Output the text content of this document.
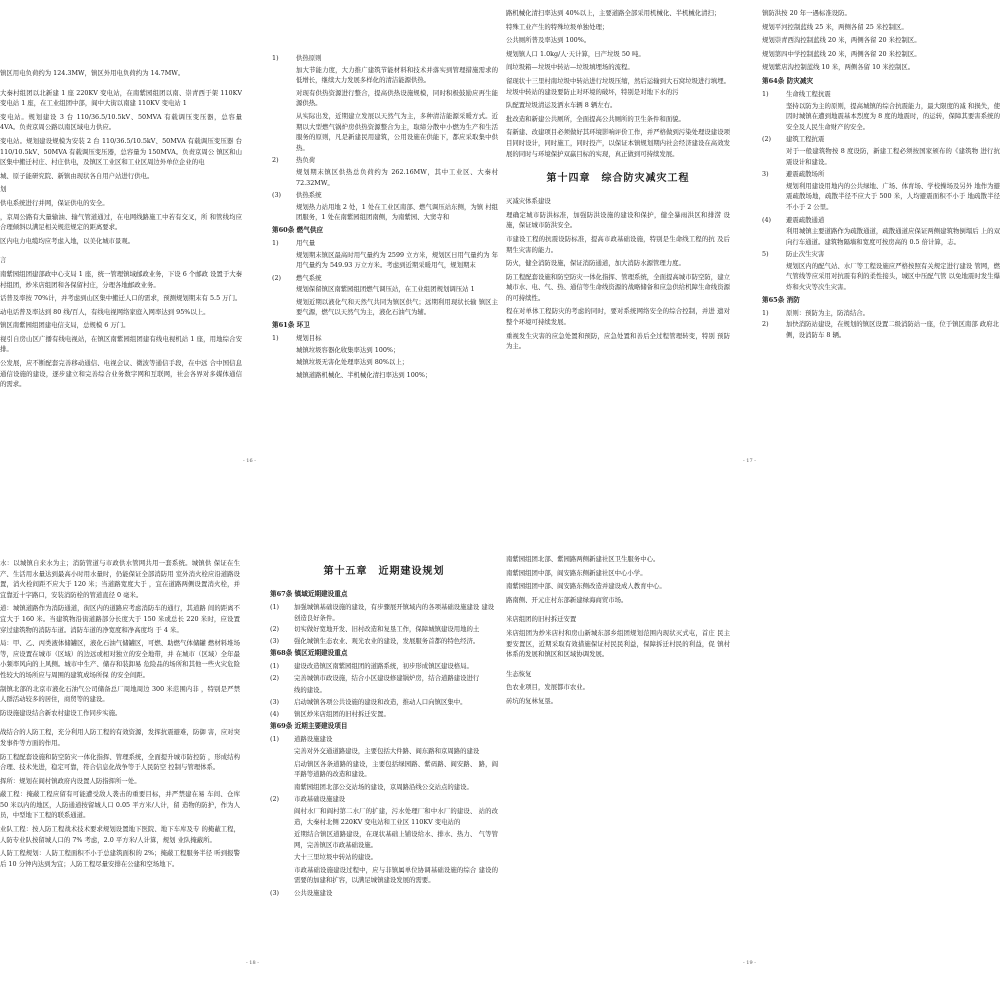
镇区用电负荷约为 124.3MW，镇区外用电负荷约为 14.7MW。
大秦村组团以北新建 1 座 220KV 变电站，在南紫园组团以南、崇青西于架 110KV 变电站 1 座，在工业组团中部，阎中大街以南建 110KV 变电站 1
变电站。规划建设 3 台 110/36.5/10.5kV、50MVA 有载调压变压器，总容量 4VA。负责京周公路以南区域电力供应。
变电站。规划建设规模为安装 2 台 110/36.5/10.5kV、50MVA 有载调压变压器 台 110/10.5kV、50MVA 有载调压变压器，总容量为 150MVA。负责京周公 镇区和山区集中搬迁村庄、村庄供电，及镇区工业区和工业区周边外单位企业的电
城、原子能研究院、新镇由现状各自用户站进行供电。
划
供电系统进行并网，保证供电的安全。
，京周公路有大量输油、输气管道通过，在电网线路施工中若有交叉，所 和管线均应合理倾斜以满足相关规范规定的距离要求。
区内电力电缆均应考虑入地，以美化城市景观。
言
南紫园组团建部政中心支局 1 座，统一管理镇域邮政业务，下设 6 个邮政 设置于大秦村组团，炒米店组团和各保留村庄，分理各地邮政业务。
话普及率按 70%计，并考虑到山区集中搬迁人口的需求，预测规划期末有 5.5 万门。
动电话普及率达到 80 线/百人，有线电视网络家庭入网率达到 95%以上。
镇区南紫园组团建电信支局，总规模 6 万门。
视引自房山区广播有线电视站，在镇区南紫园组团建有线电视机站 1 座，用地综合安排。
公发展，应不断配套完善移动通信、电视会议、微波等通信手段，在中远 合中国信息通信设施的建设，逐步建立和完善综合业务数字网和互联网，社会各界对多媒体通信的需求。
1)	供热原则
加大节能力度，大力推广建筑节能材料和技术并落实到管理措施需求的低增长，继续大力发展多样化的清洁能源供热。
对现有供热资源进行整合，提高供热设施规模，同时积极鼓励应再生能源供热。
从实际出发，近期建立发展以天然气为主，多种清洁能源采暖方式。近期以大型燃气锅炉房供热资源整合为主，取缔分散中小燃为生产和生活服务的原则，凡是新建民用建筑，公用设施在供能下，都应采取集中供热。
2)	热负荷
规划期末镇区供热总负荷约为 262.16MW，其中工业区、大秦村 72.32MW。
(3)	供热系统
规划热力站用地 2 处，1 处在工业区南部、燃气调压站东侧，为镇 村组团服务，1 处在南紫园组团南侧，为南紫园、大窦寺和
第60条 燃气供应
1)	用气量
规划期末镇区最高时用气量约为 2599 立方米，规划区日用气量约为 年用气量约为 549.93 万立方米。考虑到近期采暖用气，规划期末
(2)	燃气系统
规划保留镇区南紫园组团燃气调压站，在工业组团规划调压站 1
规划近期以液化气和天然气共同为镇区供气；远期利用现状长输 镇区主要气源，燃气以天然气为主，液化石油气为辅。
第61条 环卫
1)	规划目标
城镇垃圾容器化收集率达到 100%；
城镇垃圾无害化处理率达到 80%以上；
城镇道路机械化、半机械化清扫率达到 100%；
- 16 -
路机械化清扫率达到 40%以上，主要道路全部采用机械化、半机械化清扫；
特殊工业产生的特殊垃圾单独处理；
公共厕所普及率达到 100%。
规划镇人口 1.0kg/人·天计算，日产垃圾 50 吨。
间垃圾箱—垃圾中转站—垃圾填埋场的流程。
留现状十三里村南垃圾中转站进行垃圾压缩，然后运输到大石窝垃圾进行填埋。垃圾中转站的建设要防止对环境的破坏，特别是对地下水的污
队配置垃圾清运及洒水车辆 8 辆左右。
批改造和新建公共厕所，全面提高公共厕所的卫生条件和面貌。
有新建、改建项目必须做好其环境影响评价工作，并严格做到污染处理设建设项目同时设计，同时施工，同时投产，以保证本镇规划期内社会经济建设在高效发展的同时与环境保护双赢目标的实现，真正做到可持续发展。
第十四章　综合防灾减灾工程
灭减灾体系建设
理确定城市防洪标准，加强防洪设施的建设和保护，健全暴雨洪区和排涝 设施，保证城市防洪安全。
市建设工程的抗震设防标准，提高市政基础设施，特别是生命线工程的抗 及后期生灾害的能力。
防火，健全消防设施，保证消防通道，加大消防水源管理力度。
防工程配套设施和防空防灾一体化指挥、管理系统，全面提高城市防空防，建立城市水、电、气、热、通信等生命线资源的战略储备和应急供给机障生命线资源的可持续性。
程在对单体工程防灾的考虑的同时，要对系统网络安全的综合控制，并进 遗对整个环境可持续发展。
重视发生灾害的应急处置和预防，应急处置和善后全过程管理转变，特别 预防为主。
镇防洪按 20 年一遇标准设防。
规划平河控制蓝线 25 米，两侧各留 25 米控制区。
规划崇青西沟控制蓝线 20 米，两侧各留 20 米控制区。
规划第四中学控制蓝线 20 米，两侧各留 20 米控制区。
规划紫店沟控制蓝线 10 米，两侧各留 10 米控制区。
第64条 防灾减灾
1)	生命线工程抗震
坚持以防为主的原则，提高城镇的综合抗震能力，最大限度的减 和损失，使因时城镇在遭到地震基本烈度为 8 度的地震时，的运转，保障其要害系统的安全及人民生命财产的安全。
(2)	建筑工程抗震
对于一般建筑物按 8 度设防，新建工程必须按国家颁布的《建筑物 进行抗震设计和建设。
3)	避震疏散场所
规划利用建设用地内的公共绿地、广场、体育场、学校操场及另外 地作为避震疏散场地，疏散半径不应大于 500 米，人均避震面积不小于 地疏散半径不小于 2 公里。
(4)	避震疏散通道
利用城镇主要道路作为疏散通道，疏散通道应保证两侧建筑物倒塌后 上的双向行车通道。建筑物隔墙和宽度可按房高的 0.5 倍计算，志。
5)	防止次生灾害
规划区内的配气站、水厂等工程设施应严格按照有关规定进行建设 管网，燃气管线等应采用对抗震有利的柔性接头，城区中压配气管 以免地震时发生爆炸和火灾等次生灾害。
第65条 消防
1)	原则：预防为主，防消结合。
2)	加快消防站建设，在规划的镇区设置二级消防站一座，位于镇区南部 政府北侧，设消防车 8 辆。
- 17 -
水：以城镇自来水为主；消防管道与市政供水管网共用一套系统。城镇供 保证在生产、生活用水量达到最高小时用水量时，仍能保证全部消防用 室外消火栓应沿道路设置，消火栓间距不应大于 120 米；当道路宽度大于 ，宜在道路两侧设置消火栓，并宜靠近十字路口，安装消防栓的管道直径 0 毫米。
道：城镇道路作为消防通道，街区内的道路应考虑消防车的通行，其道路 间的距离不宜大于 160 米。当建筑物沿街道路部分长度大于 150 米或总长 220 米时，应设置穿过建筑物的消防车道。消防车道的净宽度和净高度均 于 4 米。
局：甲、乙、丙类液体储罐区，液化石油气储罐区，可燃、助燃气体储罐 燃材料堆场等，应设置在城市（区域）的边远或相对独立的安全地带，并 在城市（区域）全年最小频率风向的上风侧。城市中生产、储存和装卸易 危险品的场所和其他一些火灾危险性较大的场所应与周围的建筑成场所保 的安全间距。
制镇北部的北京市液化石油气公司储备总厂周地周边 300 米范围内非 ，特别是严禁人群活动较多的居住，商贸等的建设。
防设施建设结合新农村建设工作同步实施。
战结合的人防工程，充分利用人防工程的有效资源，发挥抗震避难，防御 害，应对突发事件等方面的作用。
防工程配套设施和防空防灾一体化指挥、管理系统，全面提升城市防控防 ，形成结构合理、技术先进，稳定可靠，符合信息化战争等于人民防空 控制与管理体系。
挥所：规划在阎村镇政府内设置人防指挥所一处。
蔽工程：掩蔽工程应留有可能遭受敌人袭击的重要目标，并严禁建在易 车间、仓库 50 米以内的地区，人防通道按留城人口 0.05 平方米/人计，留 造物的防护，作为人员，中型地下工程的联系通道。
业队工程：按人防工程战术技术要求规划设置地下医院、地下车库及专 的掩蔽工程，人防专业队按留城人口的 7% 考虑，2.0 平方米/人计算，规划 业队掩蔽所。
人防工程规划：人防工程面积不小于总建筑面积的 2%；掩蔽工程服务半径 听到报警后 10 分钟内达到为宜；人防工程尽量安排在公建和空场地下。
第十五章　近期建设规划
第67条 镇域近期建设重点
(1)	加强城镇基础设施的建设，有步骤展开镇域内的各项基础设施建设 建设创造良好条件。
(2)	切实做好宽地开发、旧村改造和复垦工作，保障城镇建设用地的土
(3)	强化城镇生态农业、观光农业的建设，发展服务首都的特色经济。
第68条 镇区近期建设重点
(1)	建设改造镇区南紫园组团的道路系统，初步形成镇区建设格局。
(2)	完善城镇市政设施，结合小区建设修建锅炉房，结合道路建设进行
线的建设。
(3)	启动城镇各项公共设施的建设和改造，推动人口向镇区集中。
(4)	镇区炒米店组团的旧村拆迁安置。
第69条 近期主要建设项目
(1)	道路设施建设
完善对外交通道路建设，主要包括大件路、阎东路和京周路的建设
启动镇区各条道路的建设，主要包括绿园路、紫码路、阎安路、 路，阎平路等道路的改造和建设。
南紫园组团北部公交站场的建设，京周路沿线公交站点的建设。
(2)	市政基础设施建设
阎村水厂和阎村第二水厂的扩建，污水处理厂和中水厂的建设、 站的改造，大秦村北侧 220KV 变电站和工业区 110KV 变电站的
近期结合镇区道路建设，在现状基础上铺设给水、排水、热力、 气等管网，完善镇区市政基础设施。
大十三里垃圾中转站的建设。
市政基础设施建设过程中，应与非镇属单位协调基础设施的综合 建设的需要的加建和扩容，以满足城镇建设发展的需要。
(3)	公共设施建设
- 18 -
南紫园组团北部、紫园路两侧新建社区卫生服务中心。
南紫园组团中部，阎安路东侧新建社区中心小学。
南紫园组团中部、阎安路东侧改造并建设成人教育中心。
路南侧、开元庄村东部新建绿海商贸市场。
米店组团的旧村拆迁安置
米店组团为炒米店村和房山新城东部乡组团规划范围内现状灭式屯，首庄 民主要安置区，近期采取有效措施保证村民民利益，保障拆迁村民的利益，促 镇村体系的发展和镇区和区域协调发展。
生态恢复
色农业项目，发展都市农业。
砖坑的复林复垦。
- 19 -
